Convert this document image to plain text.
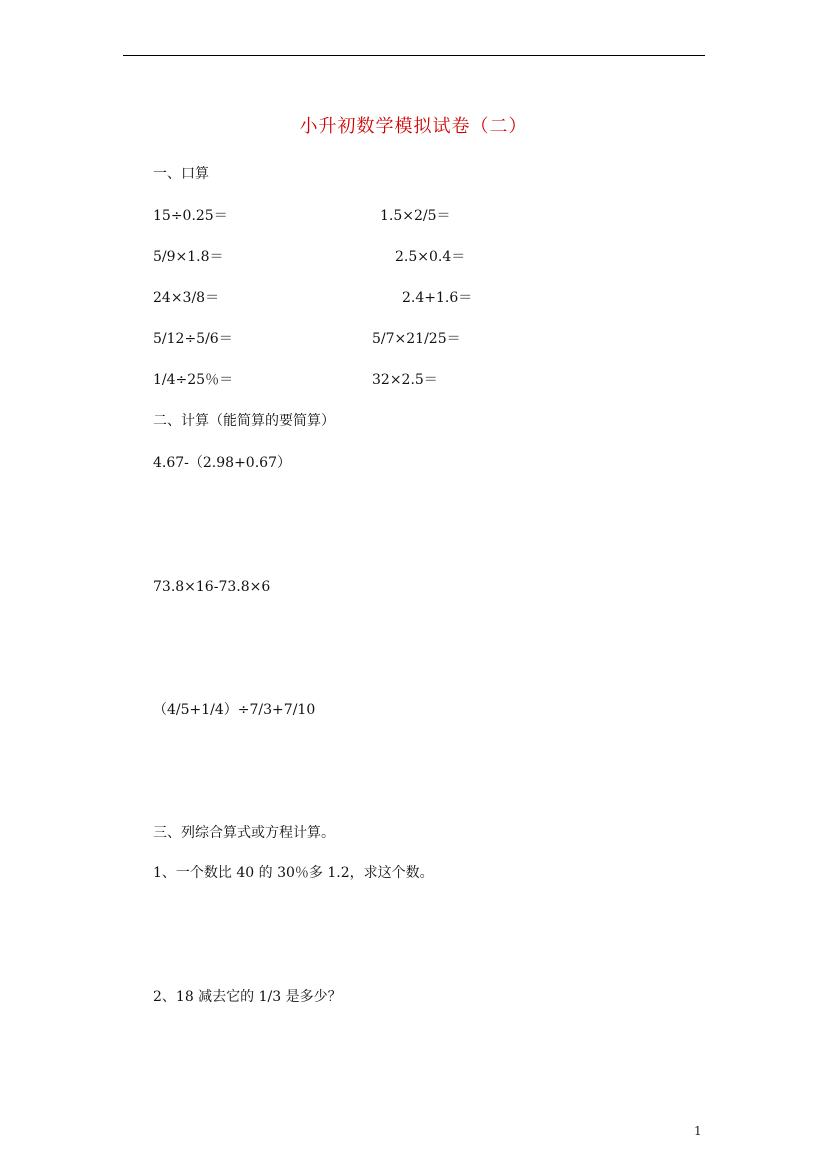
小升初数学模拟试卷（二）
一、口算
15÷0.25＝	1.5×2/5＝
5/9×1.8＝	2.5×0.4＝
24×3/8＝	2.4+1.6＝
5/12÷5/6＝	5/7×21/25＝
1/4÷25％＝	32×2.5＝
二、计算（能简算的要简算）
4.67-（2.98+0.67）
73.8×16-73.8×6
（4/5+1/4）÷7/3+7/10
三、列综合算式或方程计算。
1、一个数比 40 的 30％多 1.2，求这个数。
2、18 减去它的 1/3 是多少？
1
